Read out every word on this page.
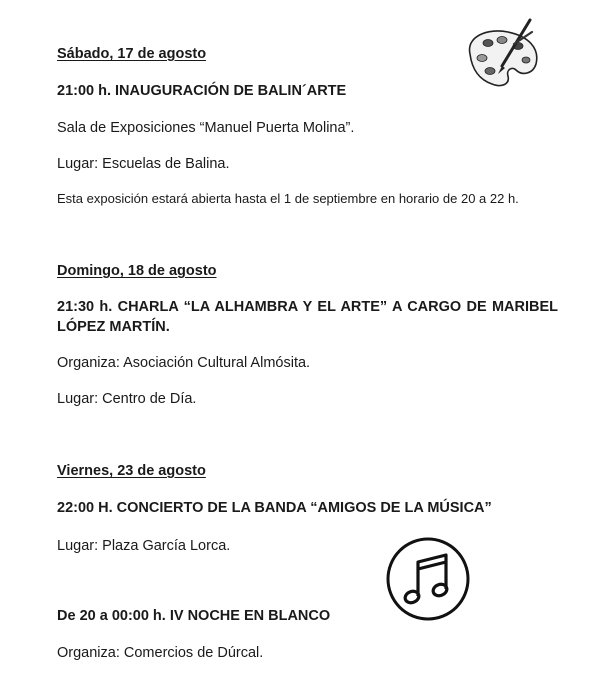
Sábado, 17 de agosto

21:00 h. INAUGURACIÓN DE BALIN´ARTE

Sala de Exposiciones “Manuel Puerta Molina”.

Lugar: Escuelas de Balina.

Esta exposición estará abierta hasta el 1 de septiembre en horario de 20 a 22 h.

Domingo, 18 de agosto

21:30 h. CHARLA “LA ALHAMBRA Y EL ARTE” A CARGO DE MARIBEL LÓPEZ MARTÍN.

Organiza: Asociación Cultural Almósita.

Lugar: Centro de Día.

Viernes, 23 de agosto

22:00 H. CONCIERTO DE LA BANDA “AMIGOS DE LA MÚSICA”

Lugar: Plaza García Lorca.

De 20 a 00:00 h. IV NOCHE EN BLANCO

Organiza: Comercios de Dúrcal.
